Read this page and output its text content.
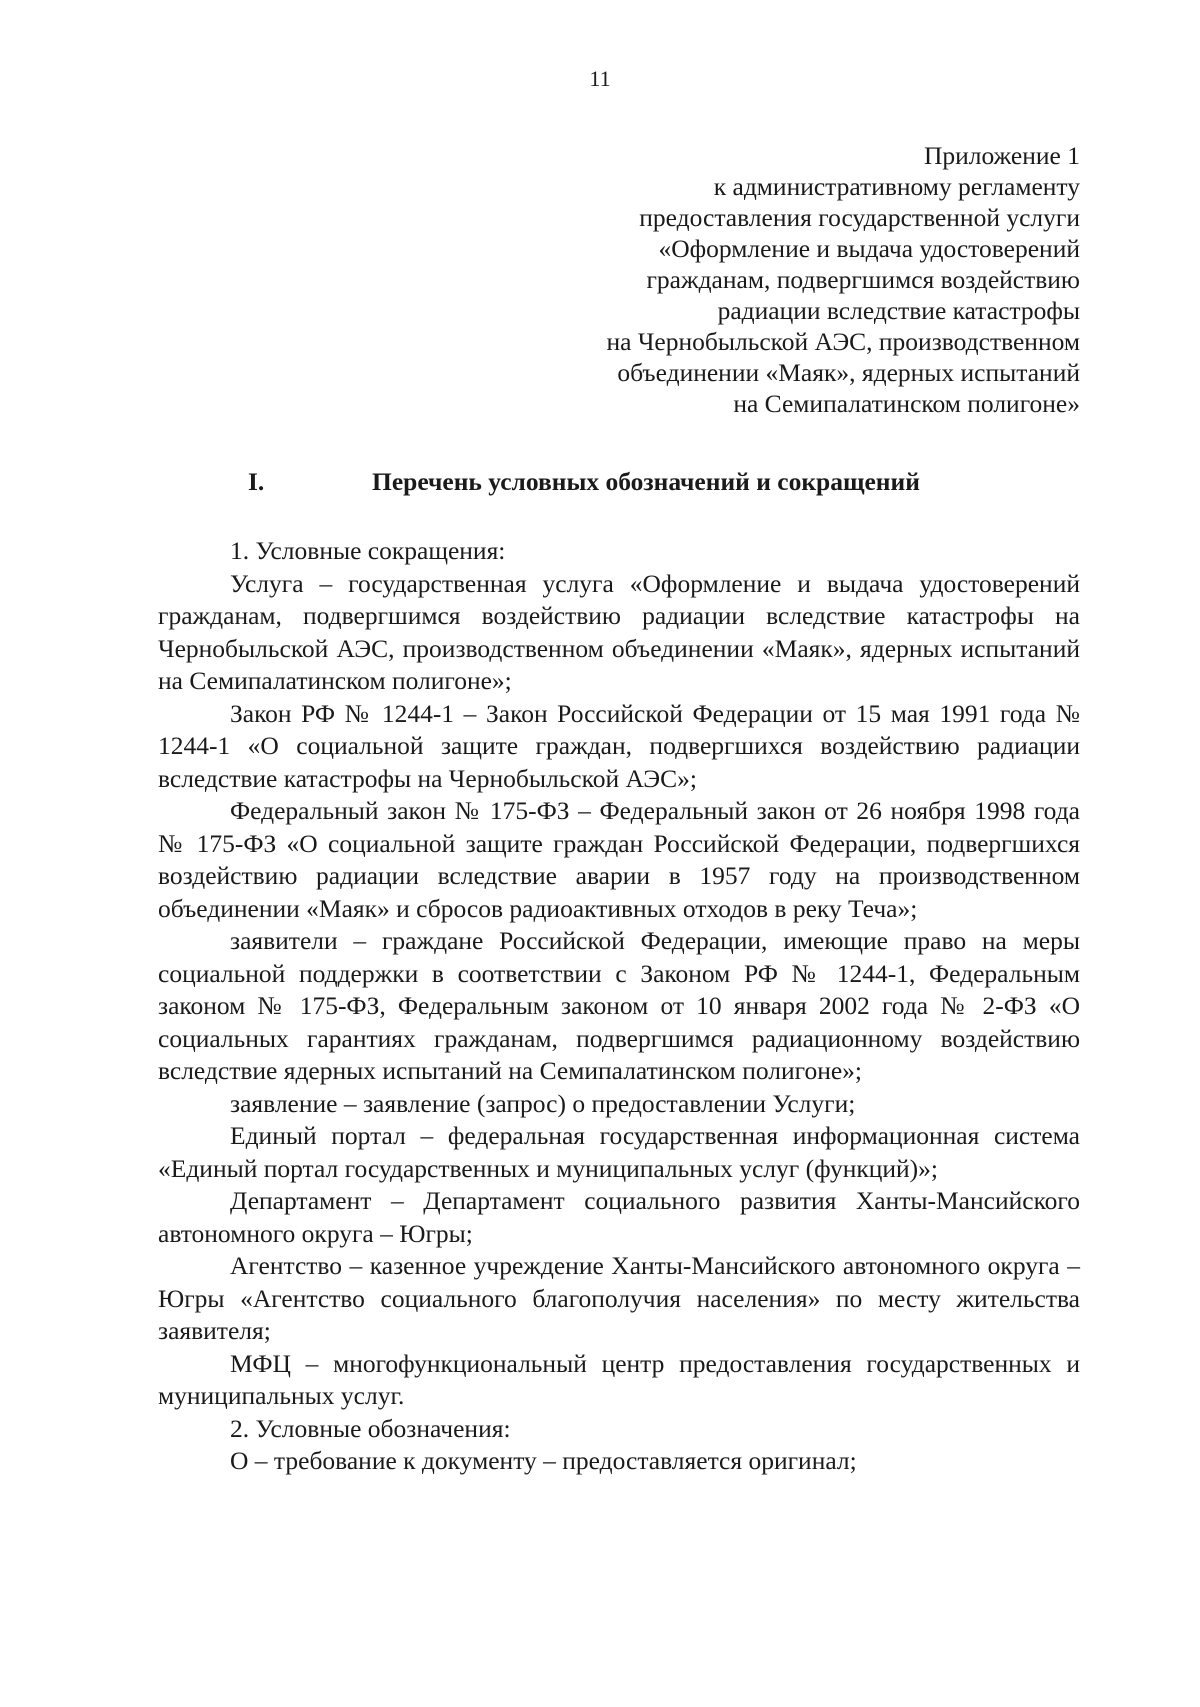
11
Приложение 1
к административному регламенту
предоставления государственной услуги
«Оформление и выдача удостоверений
гражданам, подвергшимся воздействию
радиации вследствие катастрофы
на Чернобыльской АЭС, производственном
объединении «Маяк», ядерных испытаний
на Семипалатинском полигоне»
I.	Перечень условных обозначений и сокращений

1. Условные сокращения:

Услуга – государственная услуга «Оформление и выдача удостоверений гражданам, подвергшимся воздействию радиации вследствие катастрофы на Чернобыльской АЭС, производственном объединении «Маяк», ядерных испытаний на Семипалатинском полигоне»;

Закон РФ № 1244-1 – Закон Российской Федерации от 15 мая 1991 года № 1244-1 «О социальной защите граждан, подвергшихся воздействию радиации вследствие катастрофы на Чернобыльской АЭС»;

Федеральный закон № 175-ФЗ – Федеральный закон от 26 ноября 1998 года № 175-ФЗ «О социальной защите граждан Российской Федерации, подвергшихся воздействию радиации вследствие аварии в 1957 году на производственном объединении «Маяк» и сбросов радиоактивных отходов в реку Теча»;

заявители – граждане Российской Федерации, имеющие право на меры социальной поддержки в соответствии с Законом РФ № 1244-1, Федеральным законом № 175-ФЗ, Федеральным законом от 10 января 2002 года № 2-ФЗ «О социальных гарантиях гражданам, подвергшимся радиационному воздействию вследствие ядерных испытаний на Семипалатинском полигоне»;

заявление – заявление (запрос) о предоставлении Услуги;

Единый портал – федеральная государственная информационная система «Единый портал государственных и муниципальных услуг (функций)»;

Департамент – Департамент социального развития Ханты-Мансийского автономного округа – Югры;

Агентство – казенное учреждение Ханты-Мансийского автономного округа – Югры «Агентство социального благополучия населения» по месту жительства заявителя;

МФЦ – многофункциональный центр предоставления государственных и муниципальных услуг.

2. Условные обозначения:

О – требование к документу – предоставляется оригинал;
